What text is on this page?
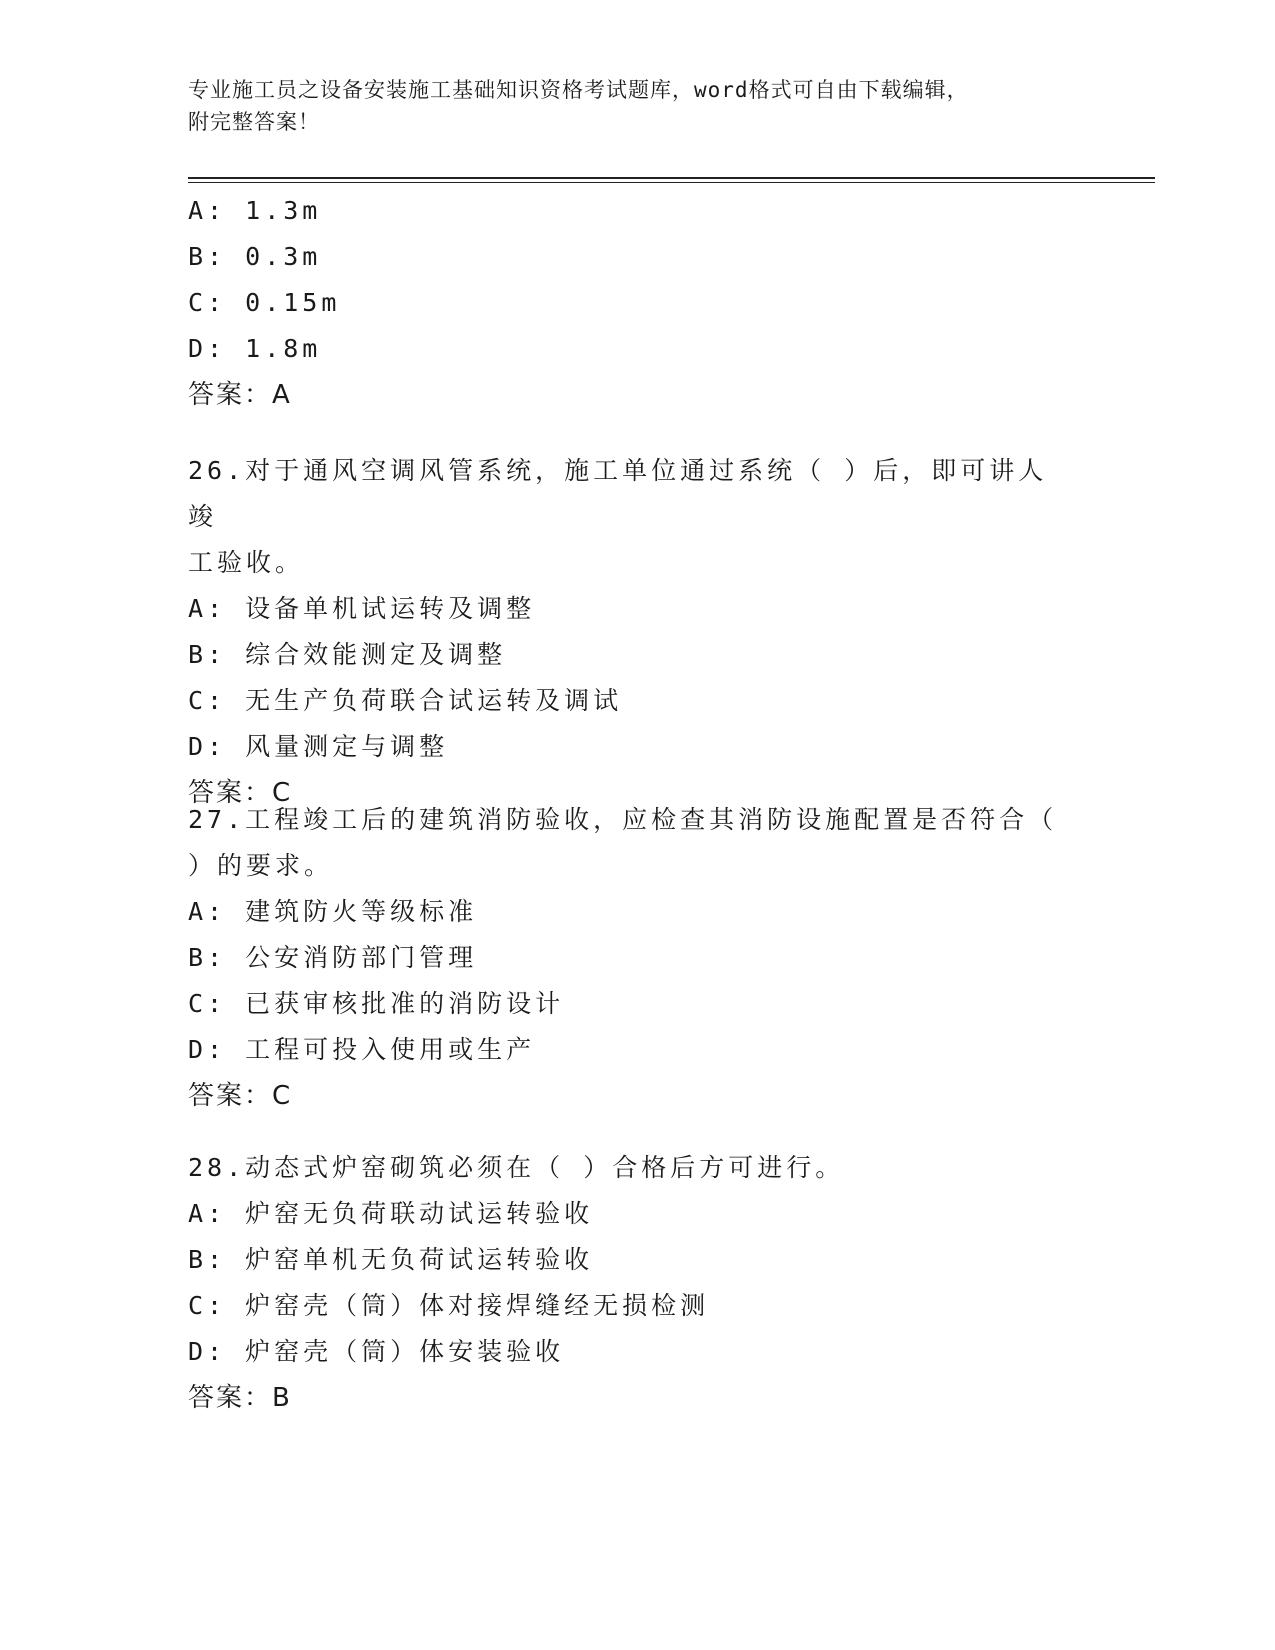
专业施工员之设备安装施工基础知识资格考试题库，word格式可自由下载编辑，
附完整答案！
A: 1.3m
B: 0.3m
C: 0.15m
D: 1.8m
答案：A
26.对于通风空调风管系统，施工单位通过系统（ ）后，即可讲人竣
工验收。
A: 设备单机试运转及调整
B: 综合效能测定及调整
C: 无生产负荷联合试运转及调试
D: 风量测定与调整
答案：C
27.工程竣工后的建筑消防验收，应检查其消防设施配置是否符合（
）的要求。
A: 建筑防火等级标准
B: 公安消防部门管理
C: 已获审核批准的消防设计
D: 工程可投入使用或生产
答案：C
28.动态式炉窑砌筑必须在（ ）合格后方可进行。
A: 炉窑无负荷联动试运转验收
B: 炉窑单机无负荷试运转验收
C: 炉窑壳（筒）体对接焊缝经无损检测
D: 炉窑壳（筒）体安装验收
答案：B
